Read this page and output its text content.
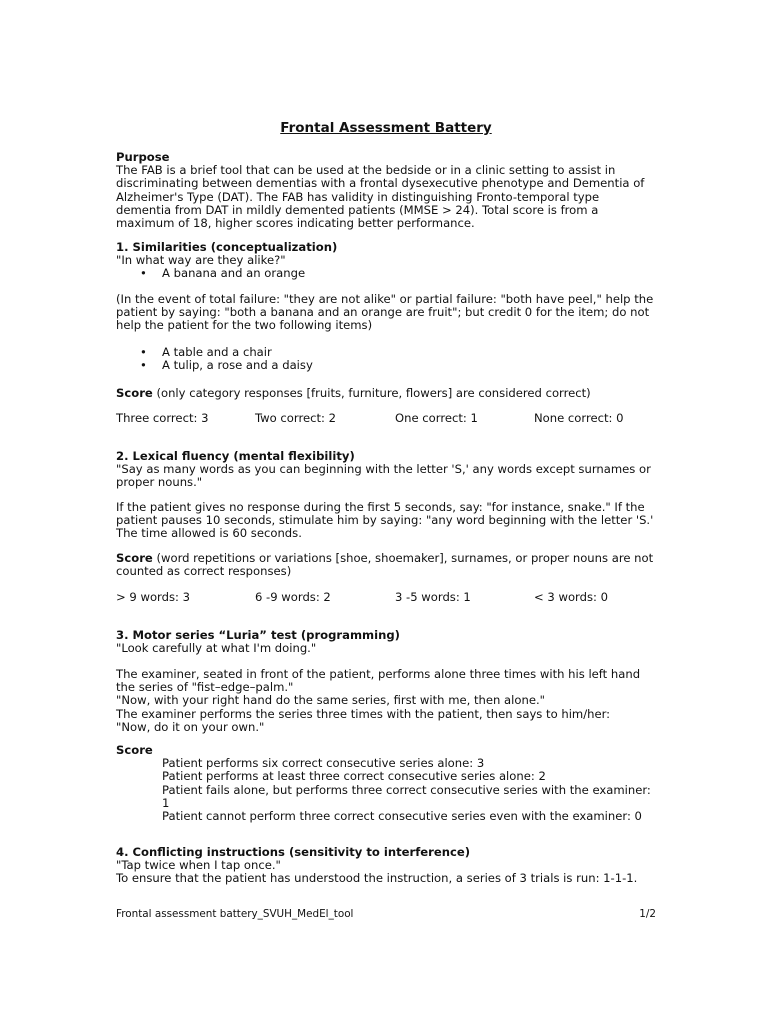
Frontal Assessment Battery

Purpose

The FAB is a brief tool that can be used at the bedside or in a clinic setting to assist in discriminating between dementias with a frontal dysexecutive phenotype and Dementia of Alzheimer's Type (DAT). The FAB has validity in distinguishing Fronto-temporal type dementia from DAT in mildly demented patients (MMSE > 24). Total score is from a maximum of 18, higher scores indicating better performance.

1. Similarities (conceptualization)

"In what way are they alike?"

• A banana and an orange

(In the event of total failure: "they are not alike" or partial failure: "both have peel," help the patient by saying: "both a banana and an orange are fruit"; but credit 0 for the item; do not help the patient for the two following items)

• A table and a chair
• A tulip, a rose and a daisy

Score (only category responses [fruits, furniture, flowers] are considered correct)

Three correct: 3	Two correct: 2	One correct: 1	None correct: 0

2. Lexical fluency (mental flexibility)

"Say as many words as you can beginning with the letter 'S,' any words except surnames or proper nouns."

If the patient gives no response during the first 5 seconds, say: "for instance, snake." If the patient pauses 10 seconds, stimulate him by saying: "any word beginning with the letter 'S.' The time allowed is 60 seconds.

Score (word repetitions or variations [shoe, shoemaker], surnames, or proper nouns are not counted as correct responses)

> 9 words: 3	6 -9 words: 2	3 -5 words: 1	< 3 words: 0

3. Motor series “Luria” test (programming)

"Look carefully at what I'm doing."

The examiner, seated in front of the patient, performs alone three times with his left hand the series of "fist–edge–palm."

"Now, with your right hand do the same series, first with me, then alone."

The examiner performs the series three times with the patient, then says to him/her:

"Now, do it on your own."

Score

Patient performs six correct consecutive series alone: 3

Patient performs at least three correct consecutive series alone: 2

Patient fails alone, but performs three correct consecutive series with the examiner: 1

Patient cannot perform three correct consecutive series even with the examiner: 0

4. Conflicting instructions (sensitivity to interference)

"Tap twice when I tap once."

To ensure that the patient has understood the instruction, a series of 3 trials is run: 1-1-1.

Frontal assessment battery_SVUH_MedEl_tool	1/2
